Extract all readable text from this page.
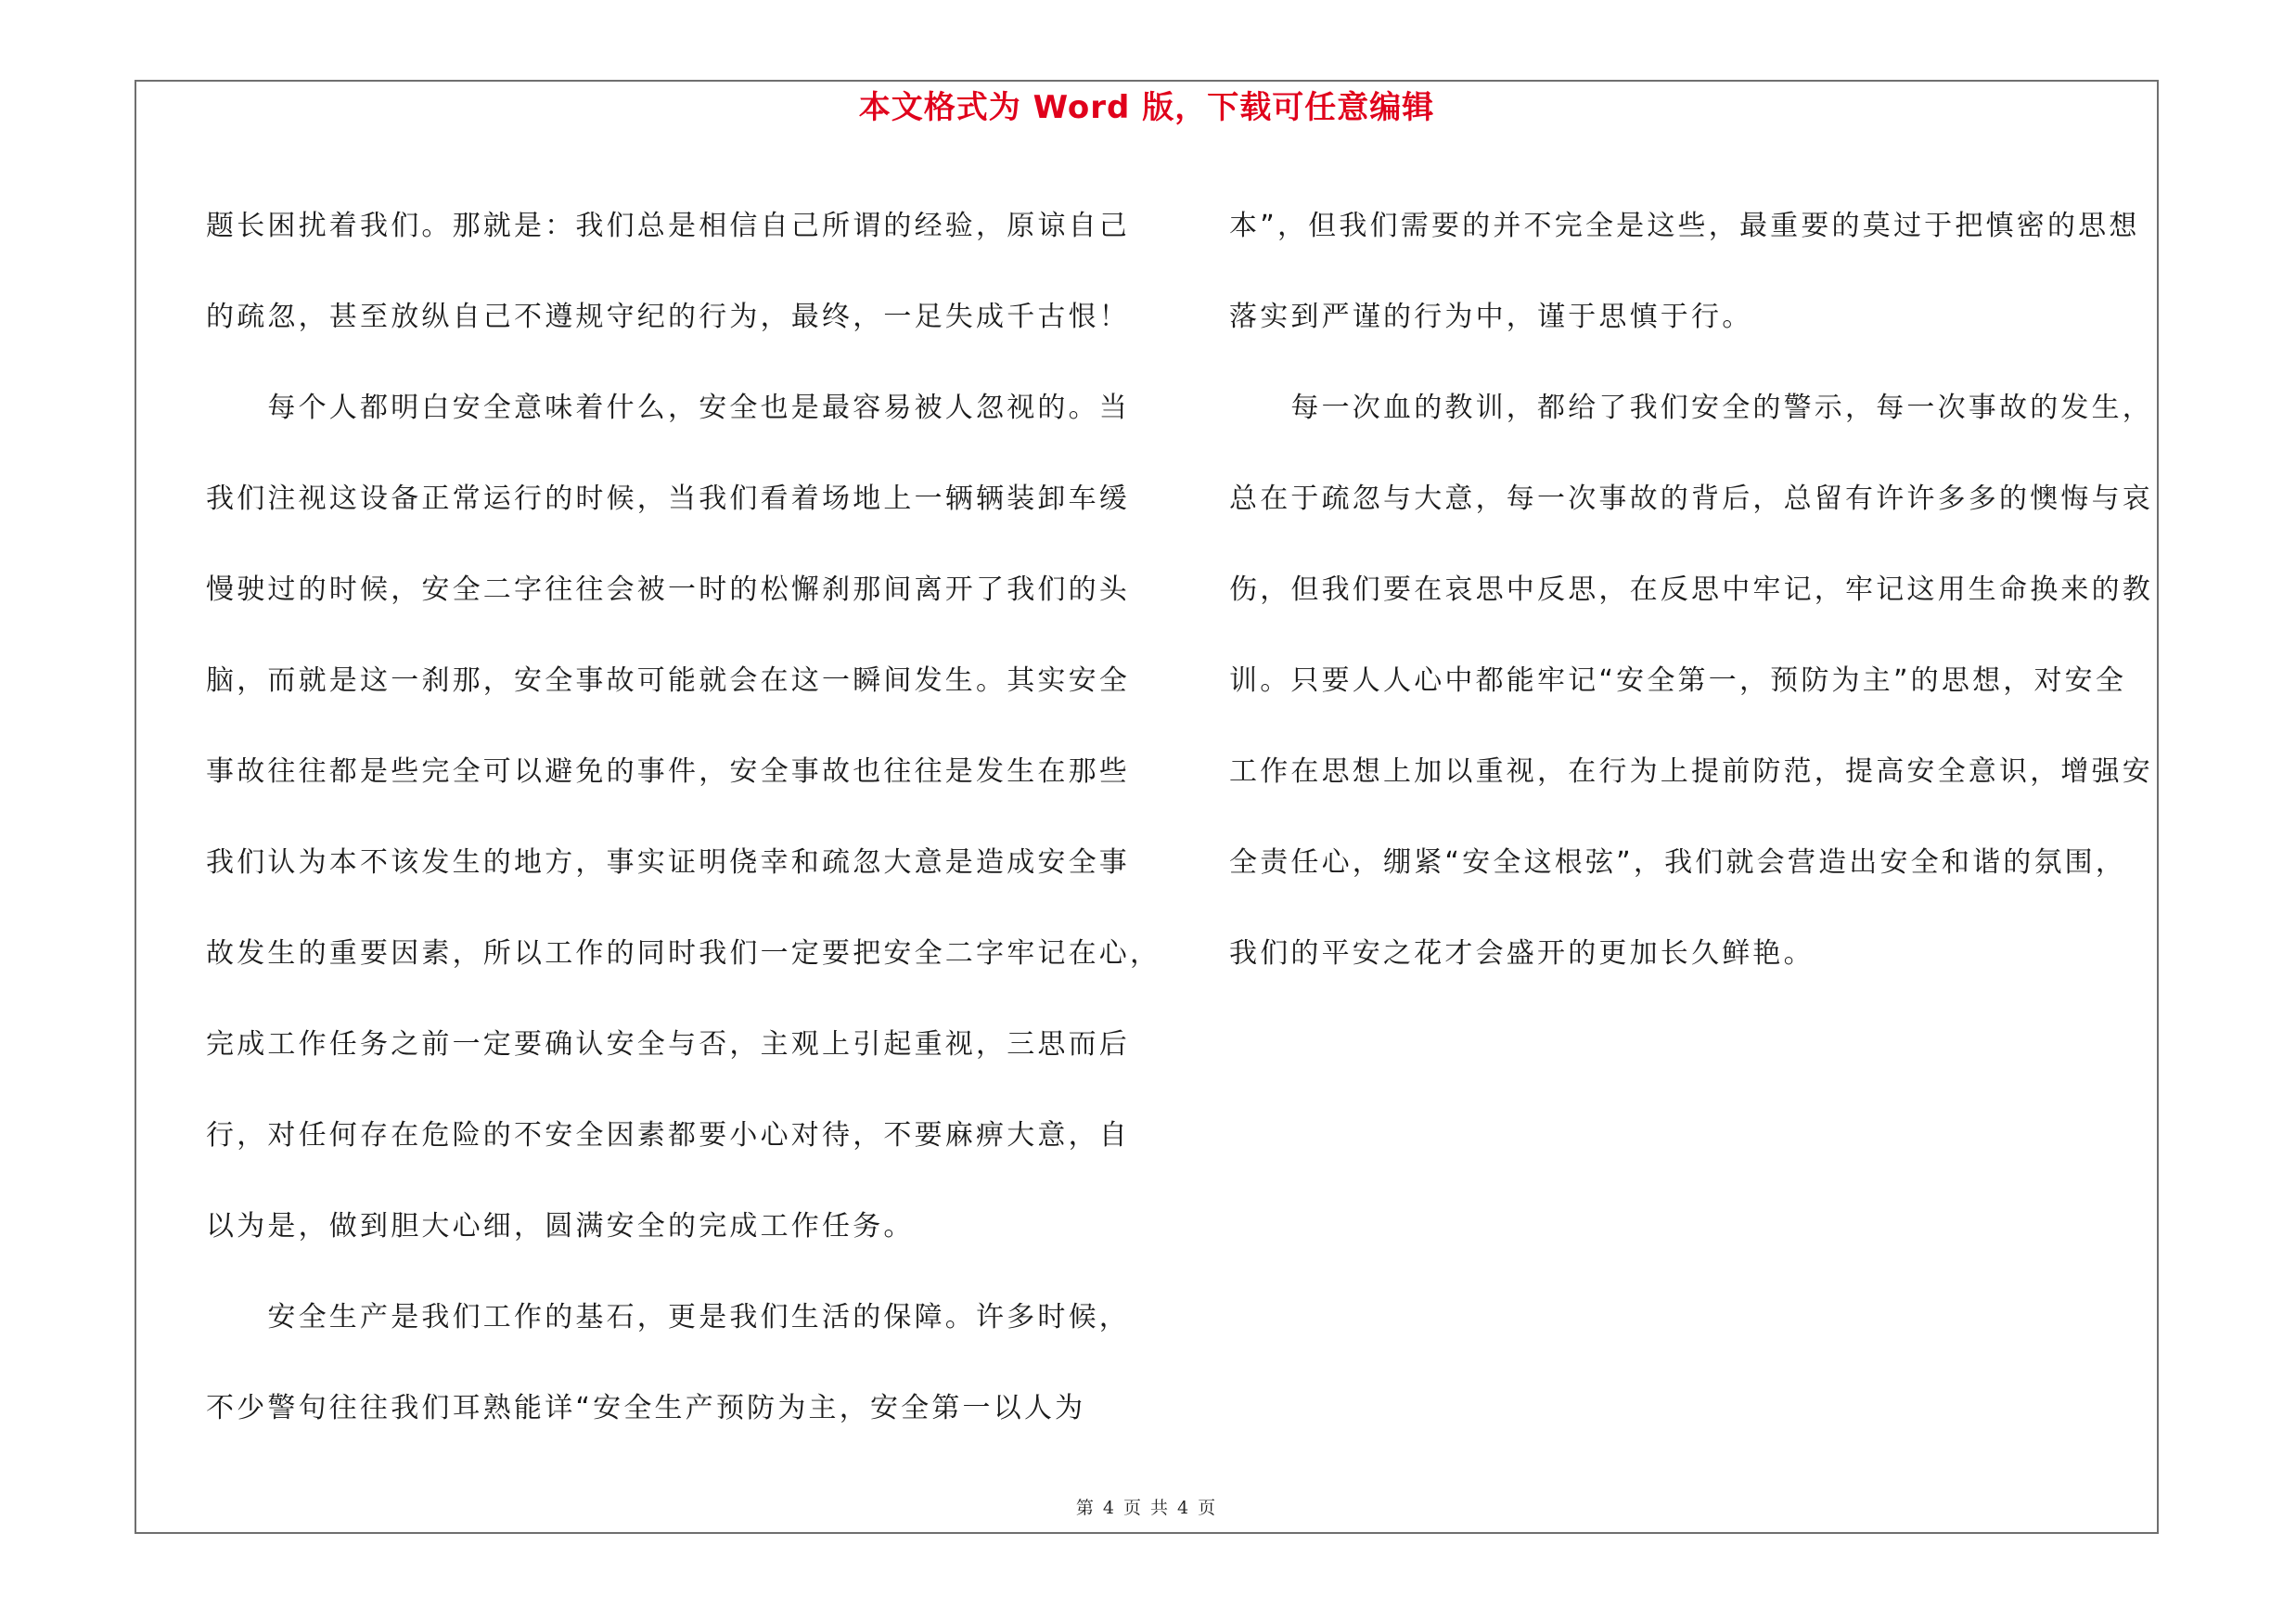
本文格式为 Word 版，下载可任意编辑

题长困扰着我们。那就是：我们总是相信自己所谓的经验，原谅自己

的疏忽，甚至放纵自己不遵规守纪的行为，最终，一足失成千古恨！

　　每个人都明白安全意味着什么，安全也是最容易被人忽视的。当

我们注视这设备正常运行的时候，当我们看着场地上一辆辆装卸车缓

慢驶过的时候，安全二字往往会被一时的松懈刹那间离开了我们的头

脑，而就是这一刹那，安全事故可能就会在这一瞬间发生。其实安全

事故往往都是些完全可以避免的事件，安全事故也往往是发生在那些

我们认为本不该发生的地方，事实证明侥幸和疏忽大意是造成安全事

故发生的重要因素，所以工作的同时我们一定要把安全二字牢记在心，

完成工作任务之前一定要确认安全与否，主观上引起重视，三思而后

行，对任何存在危险的不安全因素都要小心对待，不要麻痹大意，自

以为是，做到胆大心细，圆满安全的完成工作任务。

　　安全生产是我们工作的基石，更是我们生活的保障。许多时候，

不少警句往往我们耳熟能详“安全生产预防为主，安全第一以人为

本”，但我们需要的并不完全是这些，最重要的莫过于把慎密的思想

落实到严谨的行为中，谨于思慎于行。

　　每一次血的教训，都给了我们安全的警示，每一次事故的发生，

总在于疏忽与大意，每一次事故的背后，总留有许许多多的懊悔与哀

伤，但我们要在哀思中反思，在反思中牢记，牢记这用生命换来的教

训。只要人人心中都能牢记“安全第一，预防为主”的思想，对安全

工作在思想上加以重视，在行为上提前防范，提高安全意识，增强安

全责任心，绷紧“安全这根弦”，我们就会营造出安全和谐的氛围，

我们的平安之花才会盛开的更加长久鲜艳。

第 4 页 共 4 页
